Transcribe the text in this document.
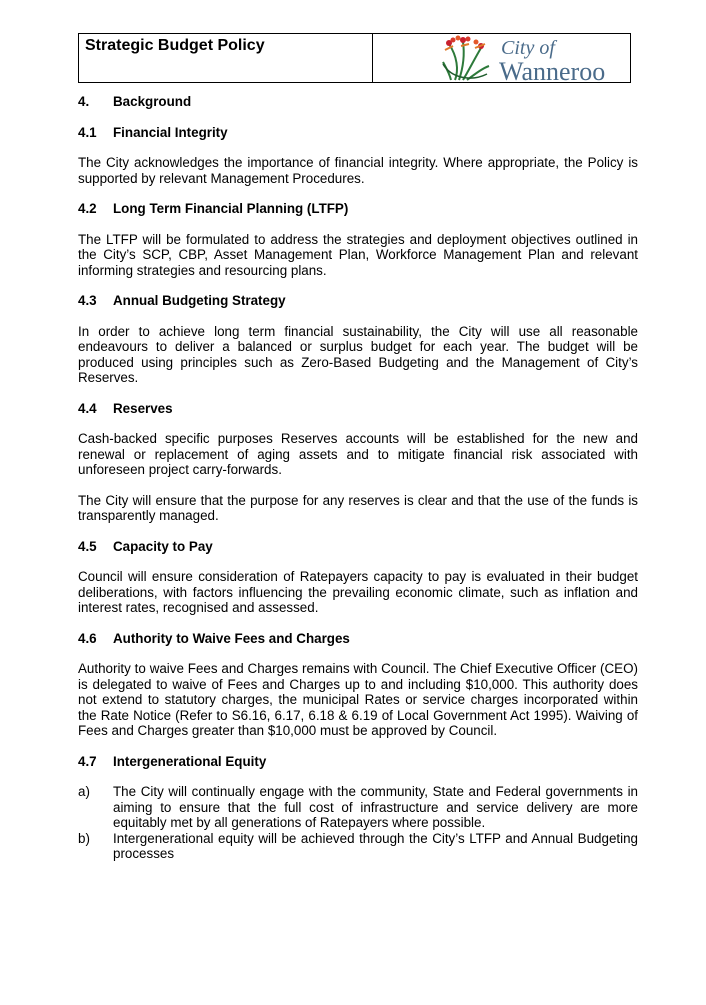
Strategic Budget Policy	City of
Wanneroo
4.	Background
4.1	Financial Integrity

The City acknowledges the importance of financial integrity. Where appropriate, the Policy is supported by relevant Management Procedures.

4.2	Long Term Financial Planning (LTFP)

The LTFP will be formulated to address the strategies and deployment objectives outlined in the City’s SCP, CBP, Asset Management Plan, Workforce Management Plan and relevant informing strategies and resourcing plans.

4.3	Annual Budgeting Strategy

In order to achieve long term financial sustainability, the City will use all reasonable endeavours to deliver a balanced or surplus budget for each year. The budget will be produced using principles such as Zero-Based Budgeting and the Management of City’s Reserves.

4.4	Reserves

Cash-backed specific purposes Reserves accounts will be established for the new and renewal or replacement of aging assets and to mitigate financial risk associated with unforeseen project carry-forwards.

The City will ensure that the purpose for any reserves is clear and that the use of the funds is transparently managed.

4.5	Capacity to Pay

Council will ensure consideration of Ratepayers capacity to pay is evaluated in their budget deliberations, with factors influencing the prevailing economic climate, such as inflation and interest rates, recognised and assessed.

4.6	Authority to Waive Fees and Charges

Authority to waive Fees and Charges remains with Council. The Chief Executive Officer (CEO) is delegated to waive of Fees and Charges up to and including $10,000. This authority does not extend to statutory charges, the municipal Rates or service charges incorporated within the Rate Notice (Refer to S6.16, 6.17, 6.18 & 6.19 of Local Government Act 1995). Waiving of Fees and Charges greater than $10,000 must be approved by Council.

4.7	Intergenerational Equity
a)	The City will continually engage with the community, State and Federal governments in aiming to ensure that the full cost of infrastructure and service delivery are more equitably met by all generations of Ratepayers where possible.
b)	Intergenerational equity will be achieved through the City’s LTFP and Annual Budgeting processes
